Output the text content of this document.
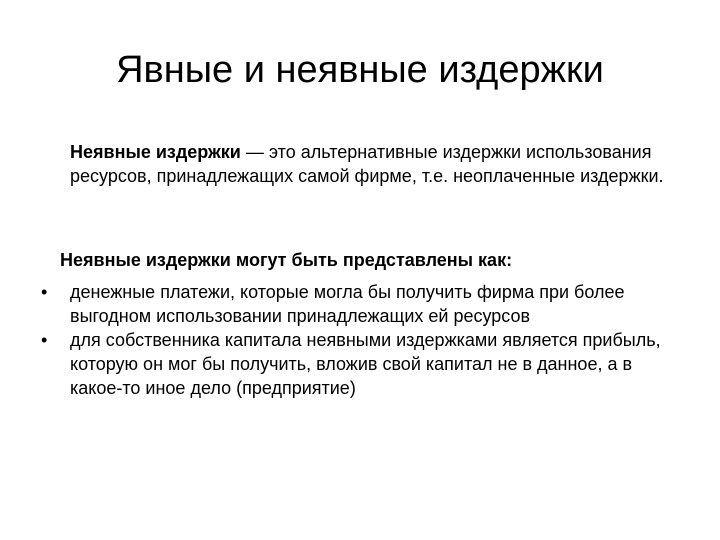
Явные и неявные издержки
Неявные издержки — это альтернативные издержки использования ресурсов, принадлежащих самой фирме, т.е. неоплаченные издержки.
Неявные издержки могут быть представлены как:
• денежные платежи, которые могла бы получить фирма при более выгодном использовании принадлежащих ей ресурсов
• для собственника капитала неявными издержками является прибыль, которую он мог бы получить, вложив свой капитал не в данное, а в какое-то иное дело (предприятие)
